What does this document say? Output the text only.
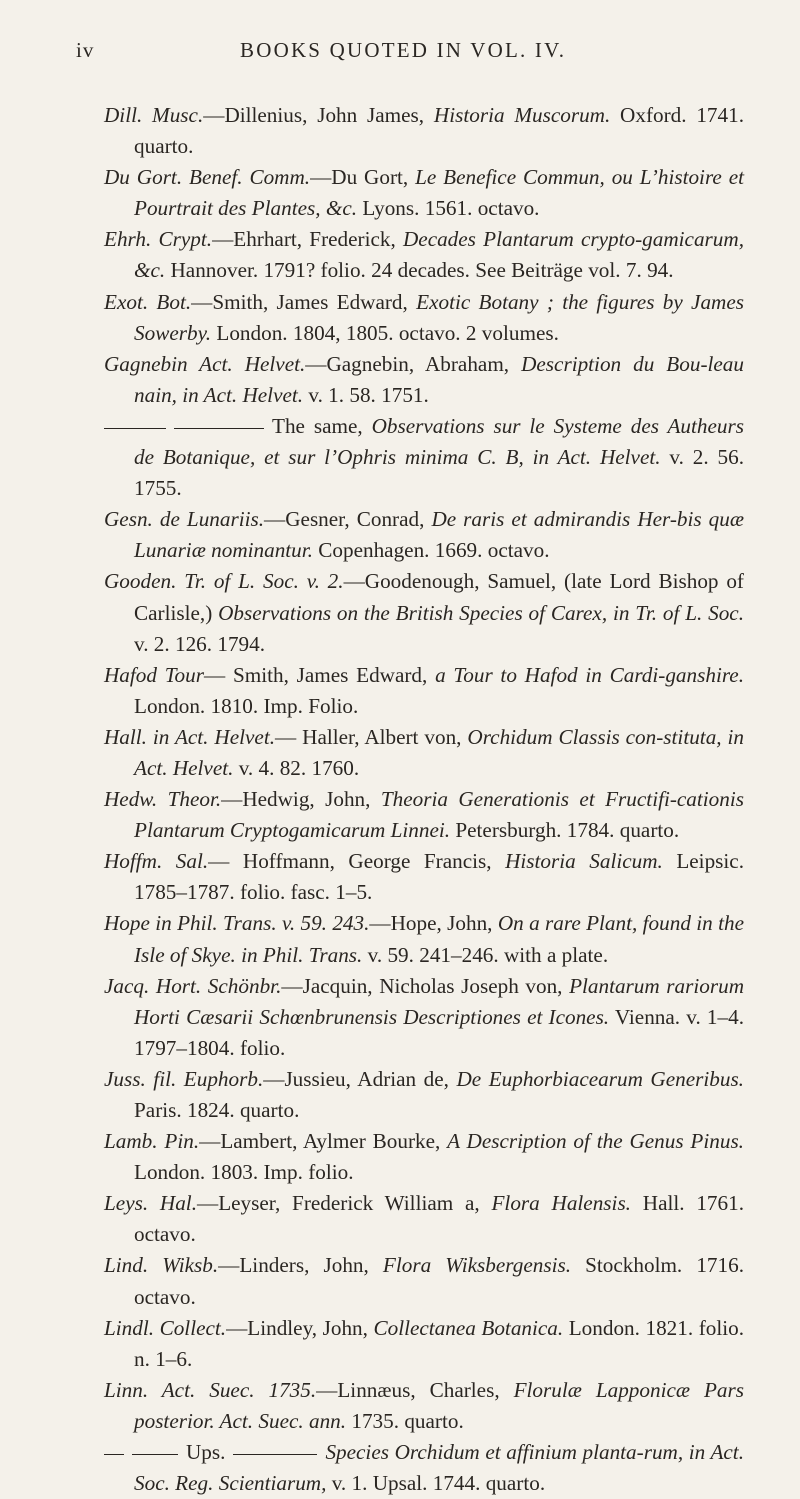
iv	BOOKS QUOTED IN VOL. IV.

Dill. Musc.—Dillenius, John James, Historia Muscorum. Oxford. 1741. quarto.

Du Gort. Benef. Comm.—Du Gort, Le Benefice Commun, ou L’histoire et Pourtrait des Plantes, &c. Lyons. 1561. octavo.

Ehrh. Crypt.—Ehrhart, Frederick, Decades Plantarum crypto-gamicarum, &c. Hannover. 1791? folio. 24 decades. See Beiträge vol. 7. 94.

Exot. Bot.—Smith, James Edward, Exotic Botany ; the figures by James Sowerby. London. 1804, 1805. octavo. 2 volumes.

Gagnebin Act. Helvet.—Gagnebin, Abraham, Description du Bou-leau nain, in Act. Helvet. v. 1. 58. 1751.

The same, Observations sur le Systeme des Autheurs de Botanique, et sur l’Ophris minima C. B, in Act. Helvet. v. 2. 56. 1755.

Gesn. de Lunariis.—Gesner, Conrad, De raris et admirandis Her-bis quæ Lunariæ nominantur. Copenhagen. 1669. octavo.

Gooden. Tr. of L. Soc. v. 2.—Goodenough, Samuel, (late Lord Bishop of Carlisle,) Observations on the British Species of Carex, in Tr. of L. Soc. v. 2. 126. 1794.

Hafod Tour— Smith, James Edward, a Tour to Hafod in Cardi-ganshire. London. 1810. Imp. Folio.

Hall. in Act. Helvet.— Haller, Albert von, Orchidum Classis con-stituta, in Act. Helvet. v. 4. 82. 1760.

Hedw. Theor.—Hedwig, John, Theoria Generationis et Fructifi-cationis Plantarum Cryptogamicarum Linnei. Petersburgh. 1784. quarto.

Hoffm. Sal.— Hoffmann, George Francis, Historia Salicum. Leipsic. 1785–1787. folio. fasc. 1–5.

Hope in Phil. Trans. v. 59. 243.—Hope, John, On a rare Plant, found in the Isle of Skye. in Phil. Trans. v. 59. 241–246. with a plate.

Jacq. Hort. Schönbr.—Jacquin, Nicholas Joseph von, Plantarum rariorum Horti Cæsarii Schœnbrunensis Descriptiones et Icones. Vienna. v. 1–4. 1797–1804. folio.

Juss. fil. Euphorb.—Jussieu, Adrian de, De Euphorbiacearum Generibus. Paris. 1824. quarto.

Lamb. Pin.—Lambert, Aylmer Bourke, A Description of the Genus Pinus. London. 1803. Imp. folio.

Leys. Hal.—Leyser, Frederick William a, Flora Halensis. Hall. 1761. octavo.

Lind. Wiksb.—Linders, John, Flora Wiksbergensis. Stockholm. 1716. octavo.

Lindl. Collect.—Lindley, John, Collectanea Botanica. London. 1821. folio. n. 1–6.

Linn. Act. Suec. 1735.—Linnæus, Charles, Florulæ Lapponicæ Pars posterior. Act. Suec. ann. 1735. quarto.

Ups.	Species Orchidum et affinium planta-rum, in Act. Soc. Reg. Scientiarum, v. 1. Upsal. 1744. quarto.
